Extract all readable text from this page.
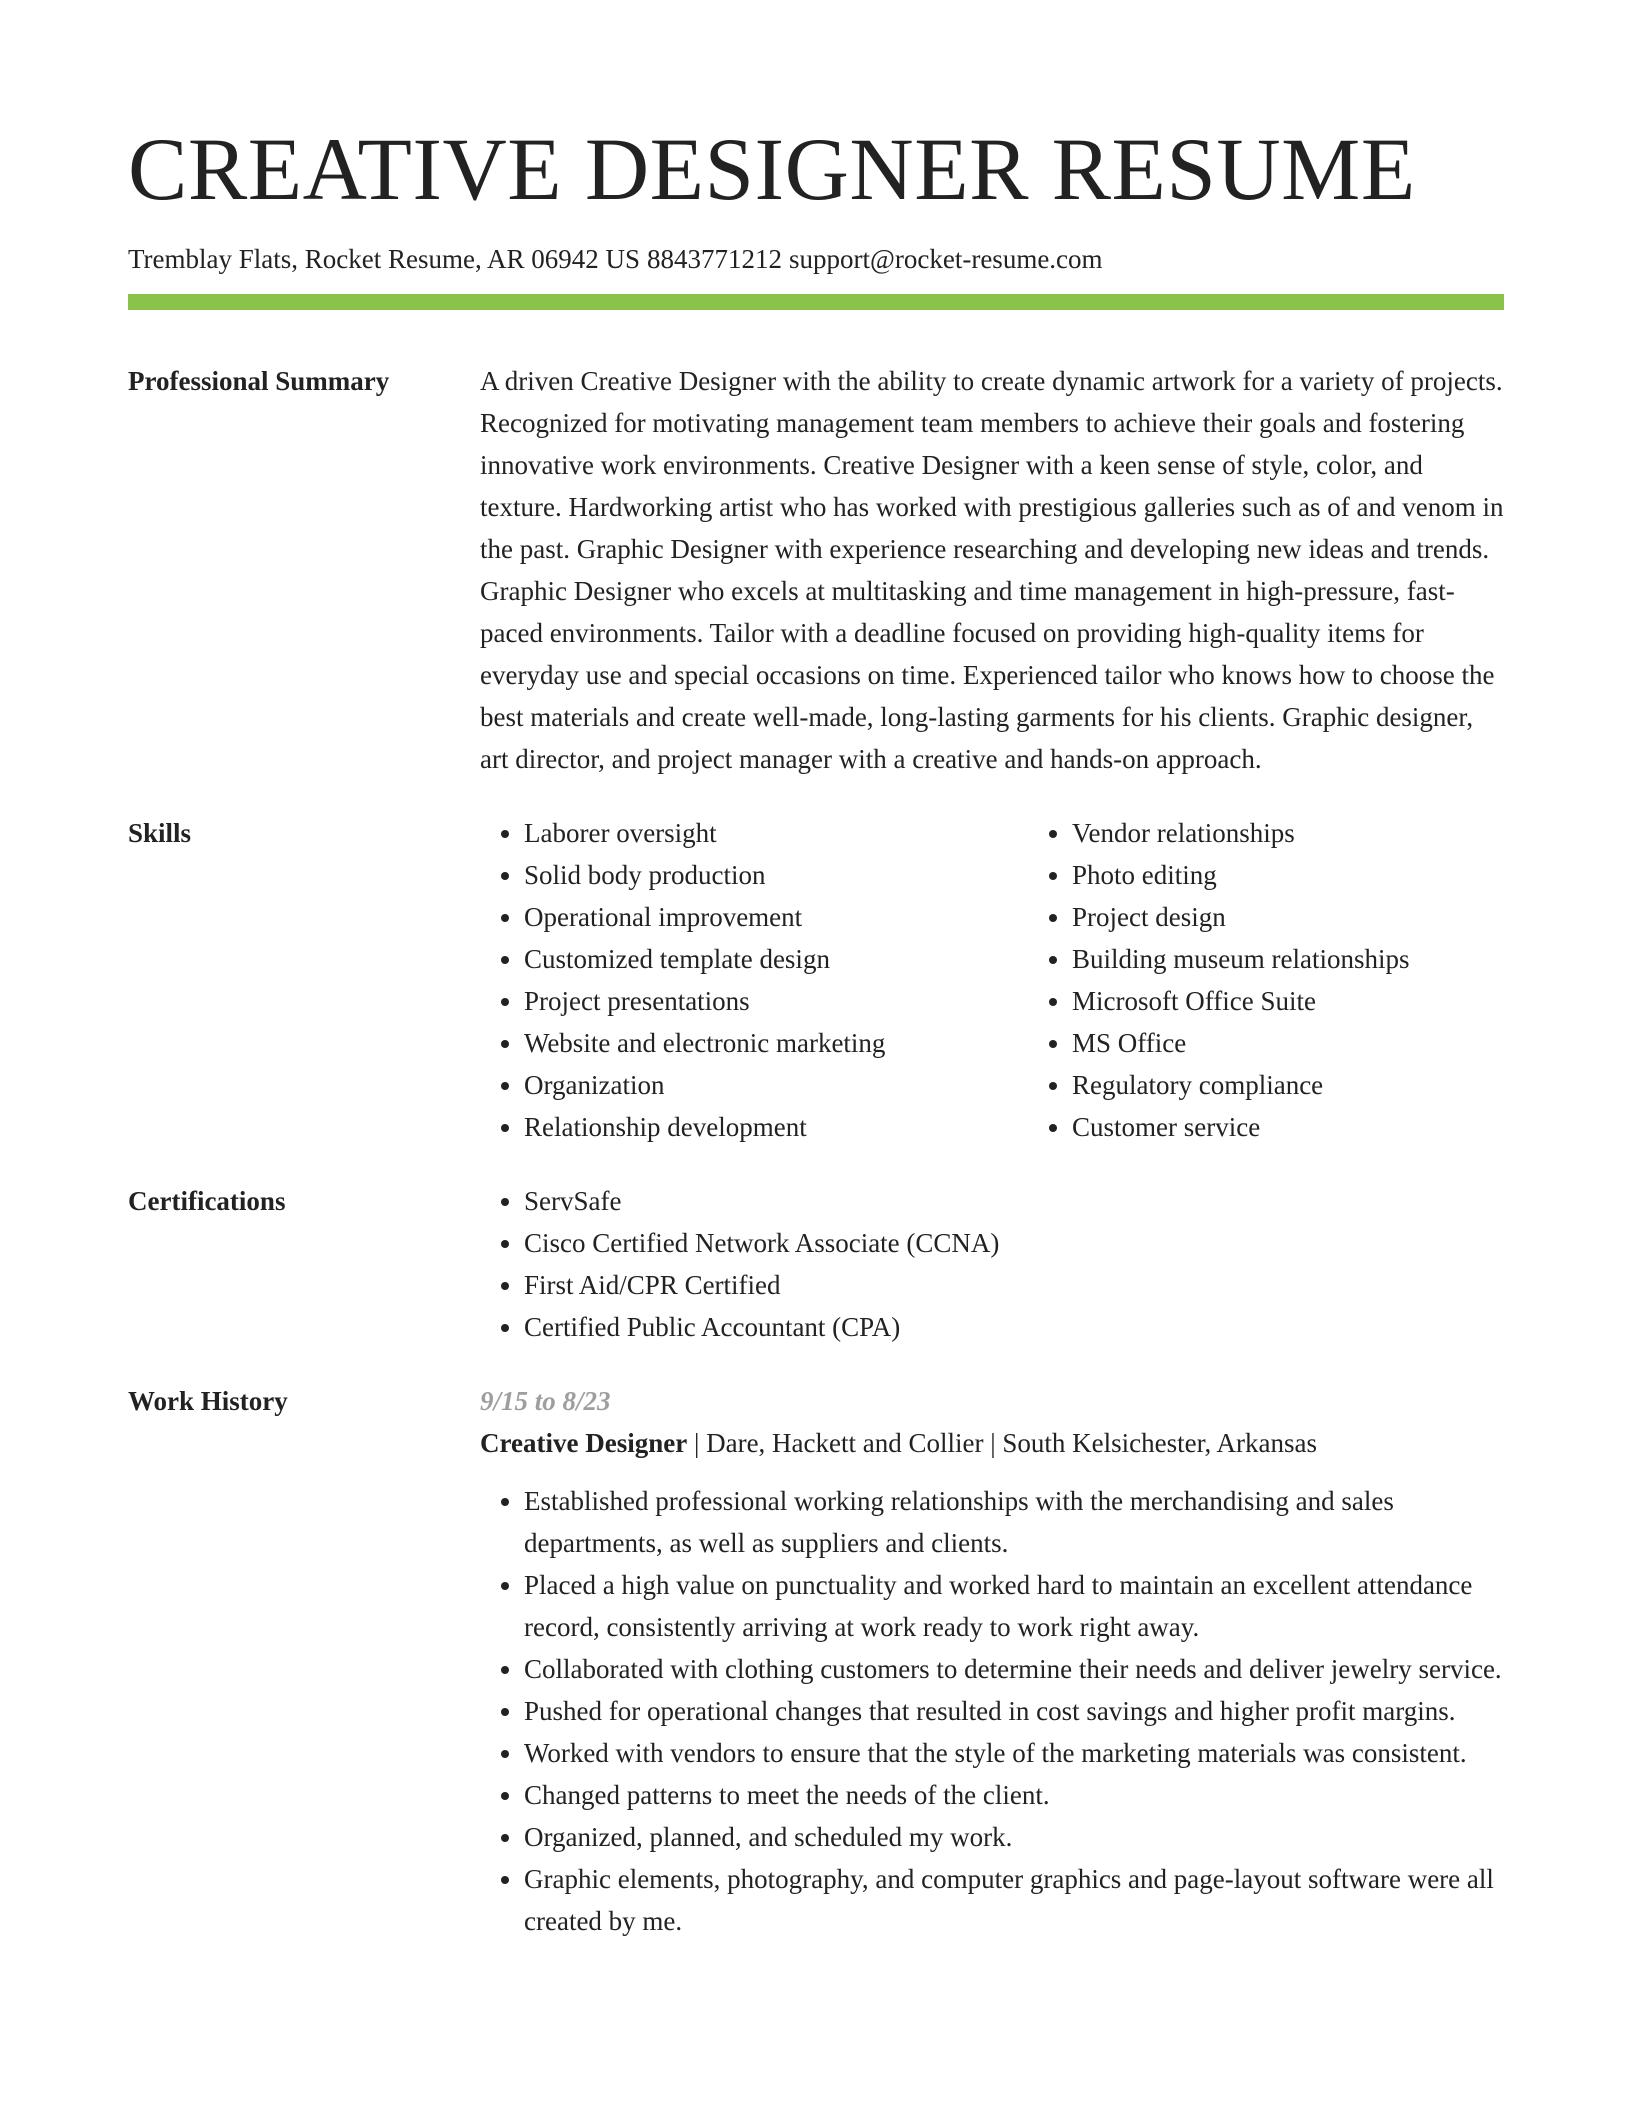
CREATIVE DESIGNER RESUME
Tremblay Flats, Rocket Resume, AR 06942 US 8843771212 support@rocket-resume.com
Professional Summary	A driven Creative Designer with the ability to create dynamic artwork for a variety of projects. Recognized for motivating management team members to achieve their goals and fostering innovative work environments. Creative Designer with a keen sense of style, color, and texture. Hardworking artist who has worked with prestigious galleries such as of and venom in the past. Graphic Designer with experience researching and developing new ideas and trends. Graphic Designer who excels at multitasking and time management in high-pressure, fast-paced environments. Tailor with a deadline focused on providing high-quality items for everyday use and special occasions on time. Experienced tailor who knows how to choose the best materials and create well-made, long-lasting garments for his clients. Graphic designer, art director, and project manager with a creative and hands-on approach.

Skills	• Laborer oversight
• Solid body production
• Operational improvement
• Customized template design
• Project presentations
• Website and electronic marketing
• Organization
• Relationship development
• Vendor relationships
• Photo editing
• Project design
• Building museum relationships
• Microsoft Office Suite
• MS Office
• Regulatory compliance
• Customer service
Certifications	• ServSafe
• Cisco Certified Network Associate (CCNA)
• First Aid/CPR Certified
• Certified Public Accountant (CPA)
Work History	9/15 to 8/23
Creative Designer | Dare, Hackett and Collier | South Kelsichester, Arkansas
• Established professional working relationships with the merchandising and sales departments, as well as suppliers and clients.
• Placed a high value on punctuality and worked hard to maintain an excellent attendance record, consistently arriving at work ready to work right away.
• Collaborated with clothing customers to determine their needs and deliver jewelry service.
• Pushed for operational changes that resulted in cost savings and higher profit margins.
• Worked with vendors to ensure that the style of the marketing materials was consistent.
• Changed patterns to meet the needs of the client.
• Organized, planned, and scheduled my work.
• Graphic elements, photography, and computer graphics and page-layout software were all created by me.
